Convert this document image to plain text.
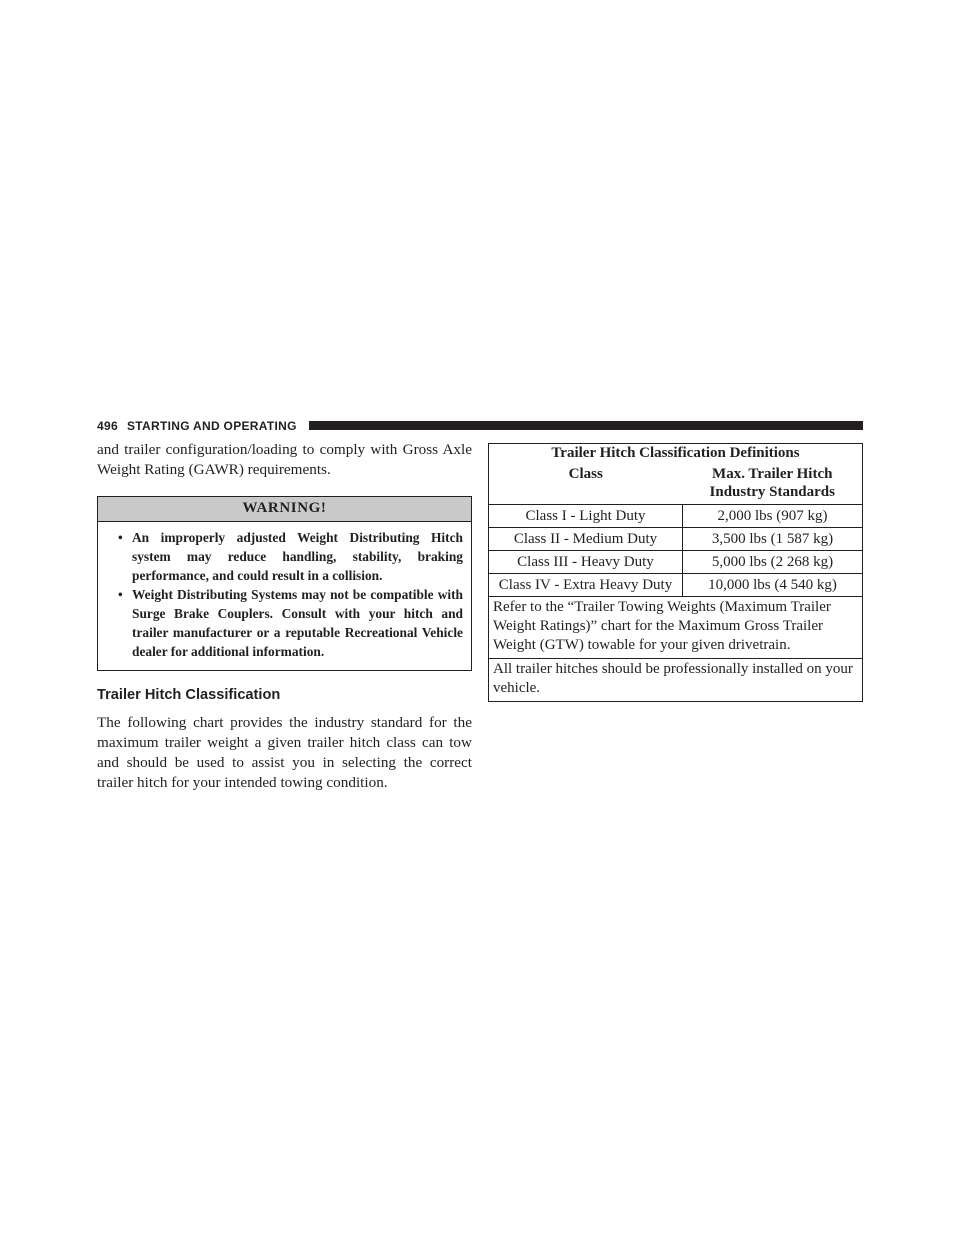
496 STARTING AND OPERATING

and trailer configuration/loading to comply with Gross Axle Weight Rating (GAWR) requirements.

WARNING!
• An improperly adjusted Weight Distributing Hitch system may reduce handling, stability, braking performance, and could result in a collision.
• Weight Distributing Systems may not be compatible with Surge Brake Couplers. Consult with your hitch and trailer manufacturer or a reputable Recreational Vehicle dealer for additional information.
Trailer Hitch Classification

The following chart provides the industry standard for the maximum trailer weight a given trailer hitch class can tow and should be used to assist you in selecting the correct trailer hitch for your intended towing condition.

Trailer Hitch Classification Definitions	
Class	Max. Trailer Hitch Industry Standards
Class I - Light Duty	2,000 lbs (907 kg)
Class II - Medium Duty	3,500 lbs (1 587 kg)
Class III - Heavy Duty	5,000 lbs (2 268 kg)
Class IV - Extra Heavy Duty	10,000 lbs (4 540 kg)
Refer to the “Trailer Towing Weights (Maximum Trailer Weight Ratings)” chart for the Maximum Gross Trailer Weight (GTW) towable for your given drivetrain.	
All trailer hitches should be professionally installed on your vehicle.	
